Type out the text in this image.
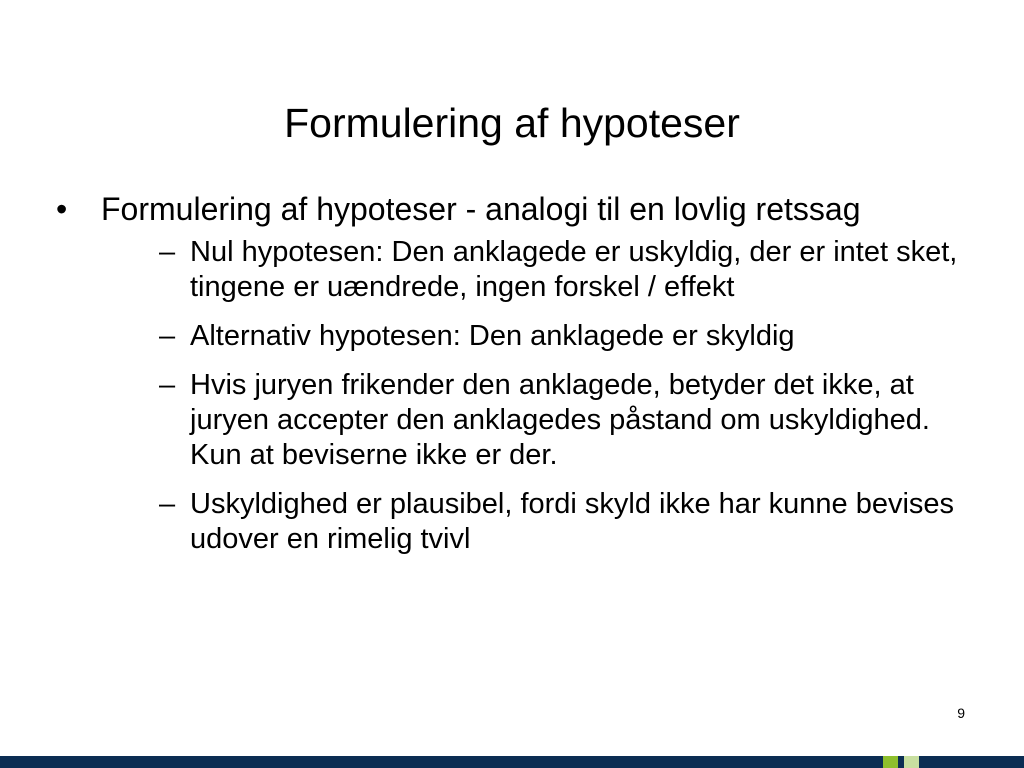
Formulering af hypoteser
•	Formulering af hypoteser - analogi til en lovlig retssag
– Nul hypotesen: Den anklagede er uskyldig, der er intet sket, tingene er uændrede, ingen forskel / effekt
– Alternativ hypotesen: Den anklagede er skyldig
– Hvis juryen frikender den anklagede, betyder det ikke, at juryen accepter den anklagedes påstand om uskyldighed. Kun at beviserne ikke er der.
– Uskyldighed er plausibel, fordi skyld ikke har kunne bevises udover en rimelig tvivl
9
